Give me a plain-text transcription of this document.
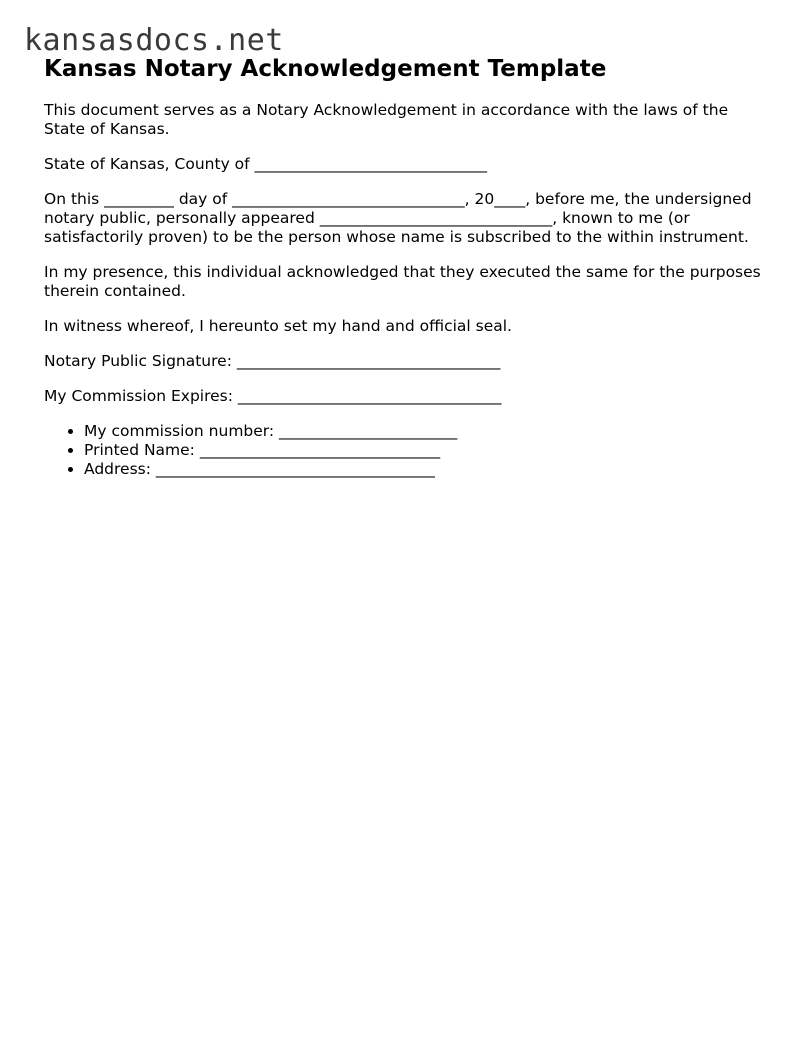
kansasdocs.net
Kansas Notary Acknowledgement Template

This document serves as a Notary Acknowledgement in accordance with the laws of the State of Kansas.

State of Kansas, County of ______________________________

On this _________ day of ______________________________, 20____, before me, the undersigned notary public, personally appeared ______________________________, known to me (or satisfactorily proven) to be the person whose name is subscribed to the within instrument.

In my presence, this individual acknowledged that they executed the same for the purposes therein contained.

In witness whereof, I hereunto set my hand and official seal.

Notary Public Signature: __________________________________

My Commission Expires: __________________________________

• My commission number: _______________________
• Printed Name: _______________________________
• Address: ____________________________________
